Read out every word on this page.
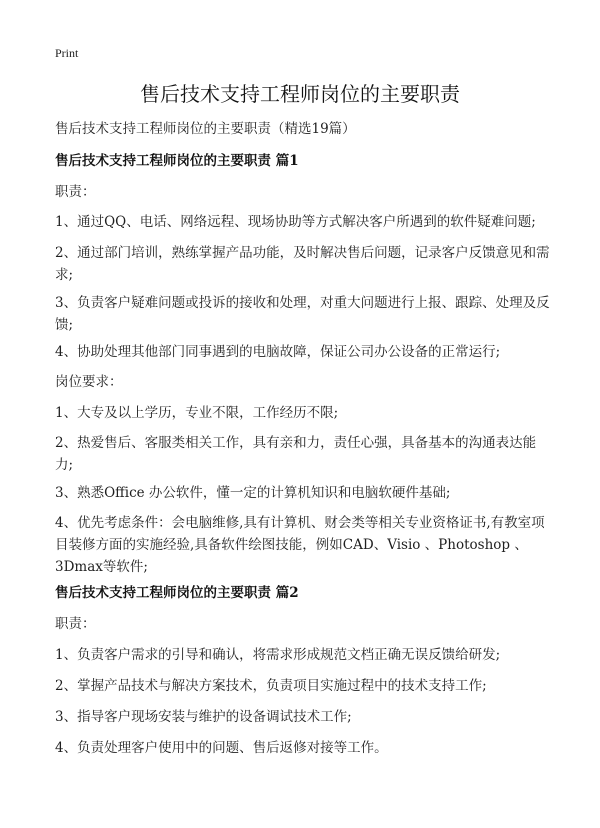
Print
售后技术支持工程师岗位的主要职责
售后技术支持工程师岗位的主要职责（精选19篇）
售后技术支持工程师岗位的主要职责 篇1
职责：
1、通过QQ、电话、网络远程、现场协助等方式解决客户所遇到的软件疑难问题;
2、通过部门培训，熟练掌握产品功能，及时解决售后问题，记录客户反馈意见和需求;
3、负责客户疑难问题或投诉的接收和处理，对重大问题进行上报、跟踪、处理及反馈;
4、协助处理其他部门同事遇到的电脑故障，保证公司办公设备的正常运行;
岗位要求：
1、大专及以上学历，专业不限，工作经历不限;
2、热爱售后、客服类相关工作，具有亲和力，责任心强，具备基本的沟通表达能力;
3、熟悉Office 办公软件，懂一定的计算机知识和电脑软硬件基础;
4、优先考虑条件：会电脑维修,具有计算机、财会类等相关专业资格证书,有教室项目装修方面的实施经验,具备软件绘图技能，例如CAD、Visio 、Photoshop 、3Dmax等软件;
售后技术支持工程师岗位的主要职责 篇2
职责：
1、负责客户需求的引导和确认，将需求形成规范文档正确无误反馈给研发;
2、掌握产品技术与解决方案技术，负责项目实施过程中的技术支持工作;
3、指导客户现场安装与维护的设备调试技术工作;
4、负责处理客户使用中的问题、售后返修对接等工作。
